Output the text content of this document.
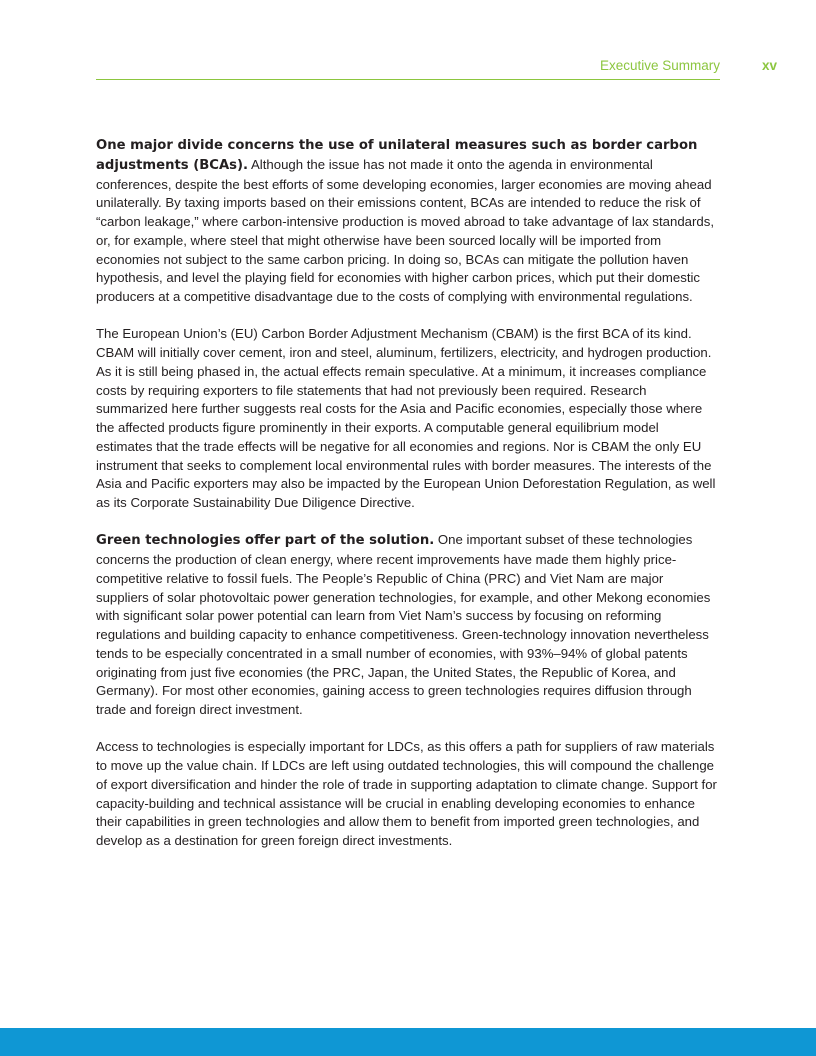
Executive Summary	xv

One major divide concerns the use of unilateral measures such as border carbon adjustments (BCAs). Although the issue has not made it onto the agenda in environmental conferences, despite the best efforts of some developing economies, larger economies are moving ahead unilaterally. By taxing imports based on their emissions content, BCAs are intended to reduce the risk of “carbon leakage,” where carbon-intensive production is moved abroad to take advantage of lax standards, or, for example, where steel that might otherwise have been sourced locally will be imported from economies not subject to the same carbon pricing. In doing so, BCAs can mitigate the pollution haven hypothesis, and level the playing field for economies with higher carbon prices, which put their domestic producers at a competitive disadvantage due to the costs of complying with environmental regulations.

The European Union’s (EU) Carbon Border Adjustment Mechanism (CBAM) is the first BCA of its kind. CBAM will initially cover cement, iron and steel, aluminum, fertilizers, electricity, and hydrogen production. As it is still being phased in, the actual effects remain speculative. At a minimum, it increases compliance costs by requiring exporters to file statements that had not previously been required. Research summarized here further suggests real costs for the Asia and Pacific economies, especially those where the affected products figure prominently in their exports. A computable general equilibrium model estimates that the trade effects will be negative for all economies and regions. Nor is CBAM the only EU instrument that seeks to complement local environmental rules with border measures. The interests of the Asia and Pacific exporters may also be impacted by the European Union Deforestation Regulation, as well as its Corporate Sustainability Due Diligence Directive.

Green technologies offer part of the solution. One important subset of these technologies concerns the production of clean energy, where recent improvements have made them highly price-competitive relative to fossil fuels. The People’s Republic of China (PRC) and Viet Nam are major suppliers of solar photovoltaic power generation technologies, for example, and other Mekong economies with significant solar power potential can learn from Viet Nam’s success by focusing on reforming regulations and building capacity to enhance competitiveness. Green-technology innovation nevertheless tends to be especially concentrated in a small number of economies, with 93%–94% of global patents originating from just five economies (the PRC, Japan, the United States, the Republic of Korea, and Germany). For most other economies, gaining access to green technologies requires diffusion through trade and foreign direct investment.

Access to technologies is especially important for LDCs, as this offers a path for suppliers of raw materials to move up the value chain. If LDCs are left using outdated technologies, this will compound the challenge of export diversification and hinder the role of trade in supporting adaptation to climate change. Support for capacity-building and technical assistance will be crucial in enabling developing economies to enhance their capabilities in green technologies and allow them to benefit from imported green technologies, and develop as a destination for green foreign direct investments.
